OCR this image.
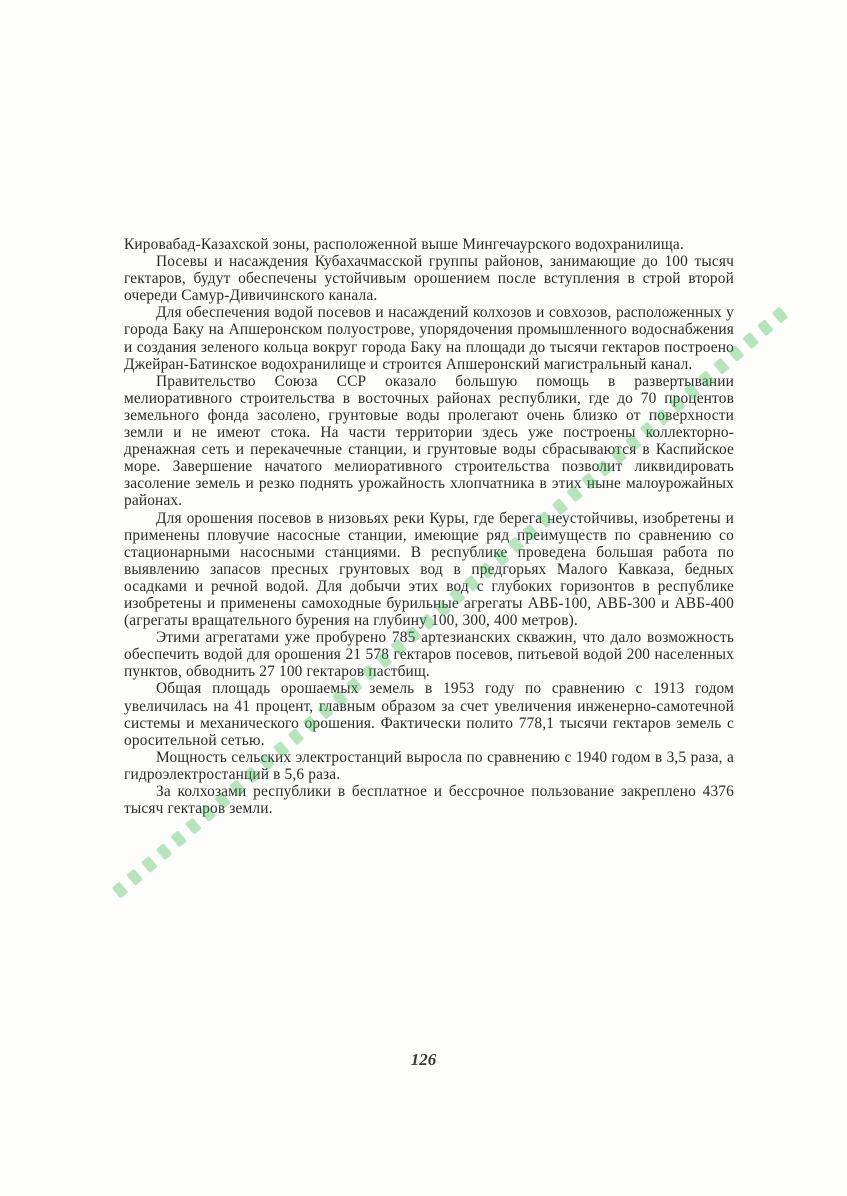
Кировабад-Казахской зоны, расположенной выше Мингечаурского водохранилища.

Посевы и насаждения Кубахачмасской группы районов, занимающие до 100 тысяч гектаров, будут обеспечены устойчивым орошением после вступления в строй второй очереди Самур-Дивичинского канала.

Для обеспечения водой посевов и насаждений колхозов и совхозов, расположенных у города Баку на Апшеронском полуострове, упорядочения промышленного водоснабжения и создания зеленого кольца вокруг города Баку на площади до тысячи гектаров построено Джейран-Батинское водохранилище и строится Апшеронский магистральный канал.

Правительство Союза ССР оказало большую помощь в развертывании мелиоративного строительства в восточных районах республики, где до 70 процентов земельного фонда засолено, грунтовые воды пролегают очень близко от поверхности земли и не имеют стока. На части территории здесь уже построены коллекторно-дренажная сеть и перекачечные станции, и грунтовые воды сбрасываются в Каспийское море. Завершение начатого мелиоративного строительства позволит ликвидировать засоление земель и резко поднять урожайность хлопчатника в этих ныне малоурожайных районах.

Для орошения посевов в низовьях реки Куры, где берега неустойчивы, изобретены и применены пловучие насосные станции, имеющие ряд преимуществ по сравнению со стационарными насосными станциями. В республике проведена большая работа по выявлению запасов пресных грунтовых вод в предгорьях Малого Кавказа, бедных осадками и речной водой. Для добычи этих вод с глубоких горизонтов в республике изобретены и применены самоходные бурильные агрегаты АВБ-100, АВБ-300 и АВБ-400 (агрегаты вращательного бурения на глубину 100, 300, 400 метров).

Этими агрегатами уже пробурено 785 артезианских скважин, что дало возможность обеспечить водой для орошения 21 578 гектаров посевов, питьевой водой 200 населенных пунктов, обводнить 27 100 гектаров пастбищ.

Общая площадь орошаемых земель в 1953 году по сравнению с 1913 годом увеличилась на 41 процент, главным образом за счет увеличения инженерно-самотечной системы и механического орошения. Фактически полито 778,1 тысячи гектаров земель с оросительной сетью.

Мощность сельских электростанций выросла по сравнению с 1940 годом в 3,5 раза, а гидроэлектростанций в 5,6 раза.

За колхозами республики в бесплатное и бессрочное пользование закреплено 4376 тысяч гектаров земли.

126
